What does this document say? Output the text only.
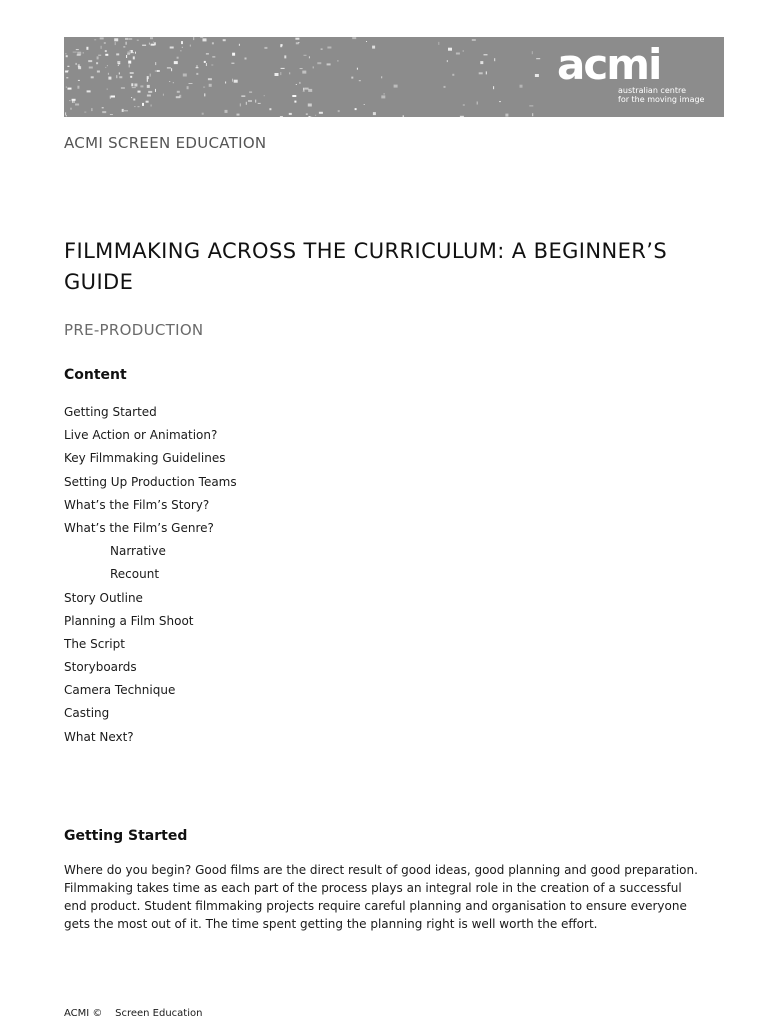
acmi
australian centre
for the moving image
ACMI SCREEN EDUCATION
FILMMAKING ACROSS THE CURRICULUM: A BEGINNER’S GUIDE
PRE-PRODUCTION
Content
Getting Started
Live Action or Animation?
Key Filmmaking Guidelines
Setting Up Production Teams
What’s the Film’s Story?
What’s the Film’s Genre?
Narrative
Recount
Story Outline
Planning a Film Shoot
The Script
Storyboards
Camera Technique
Casting
What Next?
Getting Started

Where do you begin? Good films are the direct result of good ideas, good planning and good preparation. Filmmaking takes time as each part of the process plays an integral role in the creation of a successful end product. Student filmmaking projects require careful planning and organisation to ensure everyone gets the most out of it. The time spent getting the planning right is well worth the effort.

ACMI ©    Screen Education
